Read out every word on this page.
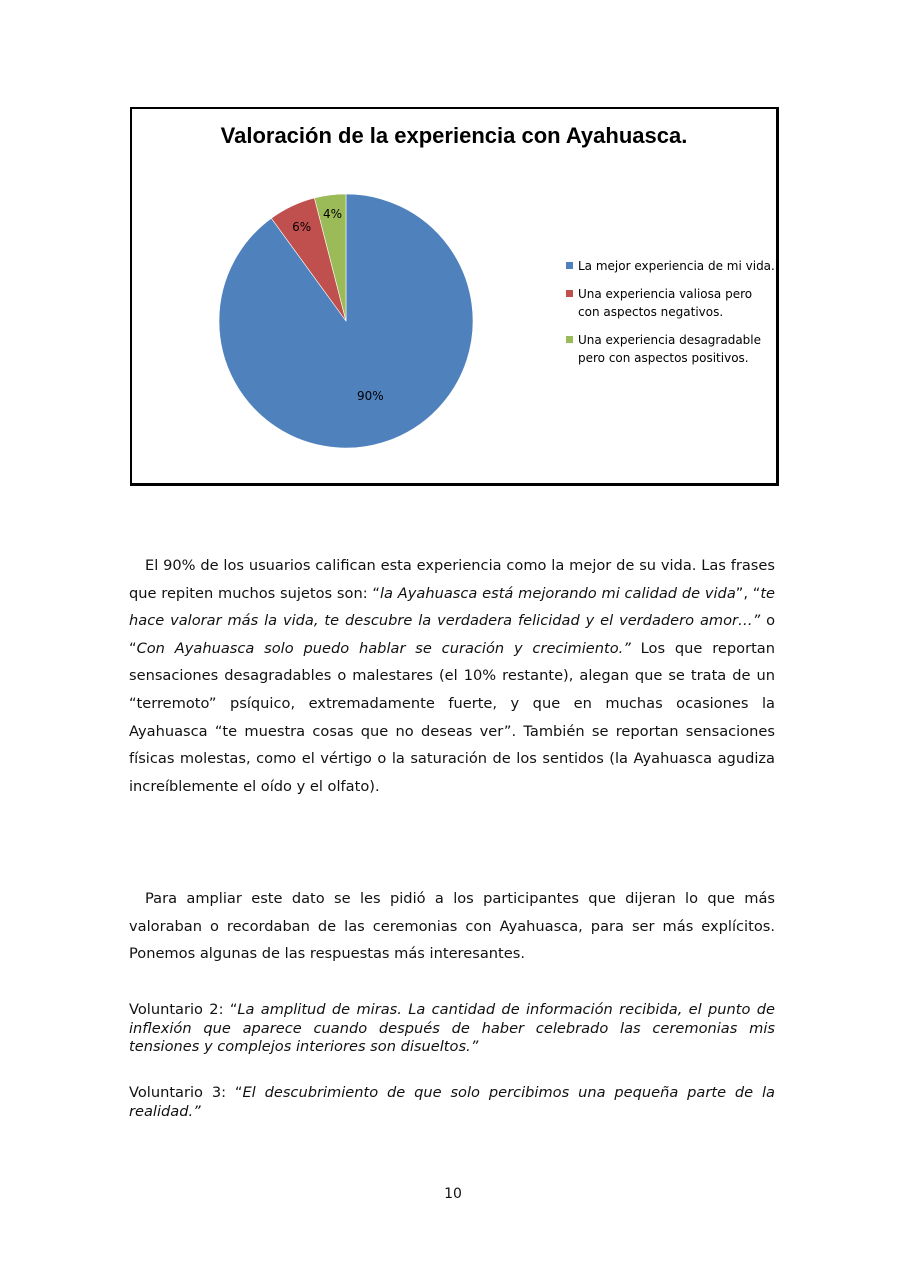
Valoración de la experiencia con Ayahuasca.
90%
6%
4%
La mejor experiencia de mi vida.
Una experiencia valiosa pero con aspectos negativos.
Una experiencia desagradable pero con aspectos positivos.

El 90% de los usuarios califican esta experiencia como la mejor de su vida. Las frases que repiten muchos sujetos son: “la Ayahuasca está mejorando mi calidad de vida”, “te hace valorar más la vida, te descubre la verdadera felicidad y el verdadero amor…” o “Con Ayahuasca solo puedo hablar se curación y crecimiento.” Los que reportan sensaciones desagradables o malestares (el 10% restante), alegan que se trata de un “terremoto” psíquico, extremadamente fuerte, y que en muchas ocasiones la Ayahuasca “te muestra cosas que no deseas ver”. También se reportan sensaciones físicas molestas, como el vértigo o la saturación de los sentidos (la Ayahuasca agudiza increíblemente el oído y el olfato).

Para ampliar este dato se les pidió a los participantes que dijeran lo que más valoraban o recordaban de las ceremonias con Ayahuasca, para ser más explícitos. Ponemos algunas de las respuestas más interesantes.

Voluntario 2: “La amplitud de miras. La cantidad de información recibida, el punto de inflexión que aparece cuando después de haber celebrado las ceremonias mis tensiones y complejos interiores son disueltos.”

Voluntario 3: “El descubrimiento de que solo percibimos una pequeña parte de la realidad.”

10
